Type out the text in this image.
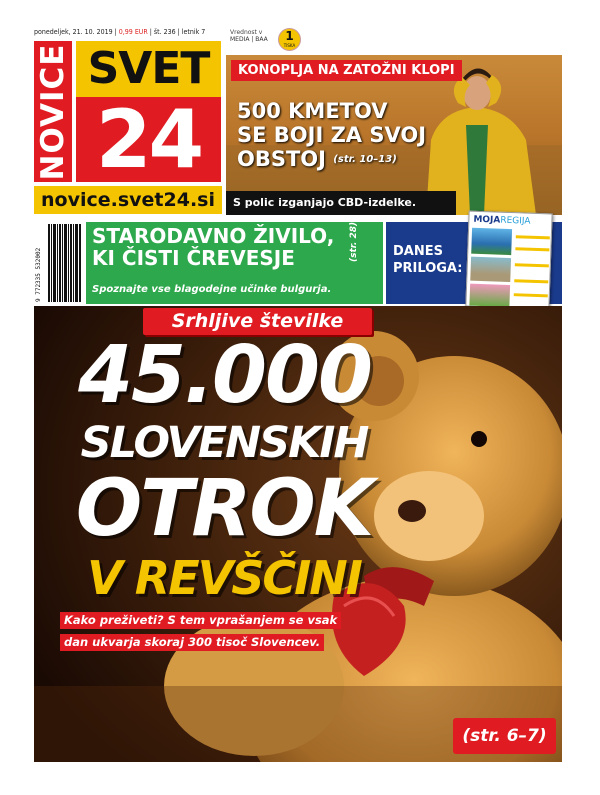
ponedeljek, 21. 10. 2019 | 0,99 EUR | št. 236 | letnik 7
NOVICE SVET
24
novice.svet24.si
Vrednost v
MEDIA | BAA	1
TISKA
KONOPLJA NA ZATOŽNI KLOPI
500 KMETOV
SE BOJI ZA SVOJ
OBSTOJ (str. 10–13)
S polic izganjajo CBD-izdelke.
9 772335 532002
STARODAVNO ŽIVILO,
KI ČISTI ČREVESJE	(str. 28)
Spoznajte vse blagodejne učinke bulgurja.
DANES
PRILOGA:
MOJAREGIJA
Srhljive številke
45.000
SLOVENSKIH
OTROK
V REVŠČINI
Kako preživeti? S tem vprašanjem se vsak
dan ukvarja skoraj 300 tisoč Slovencev.
(str. 6–7)
